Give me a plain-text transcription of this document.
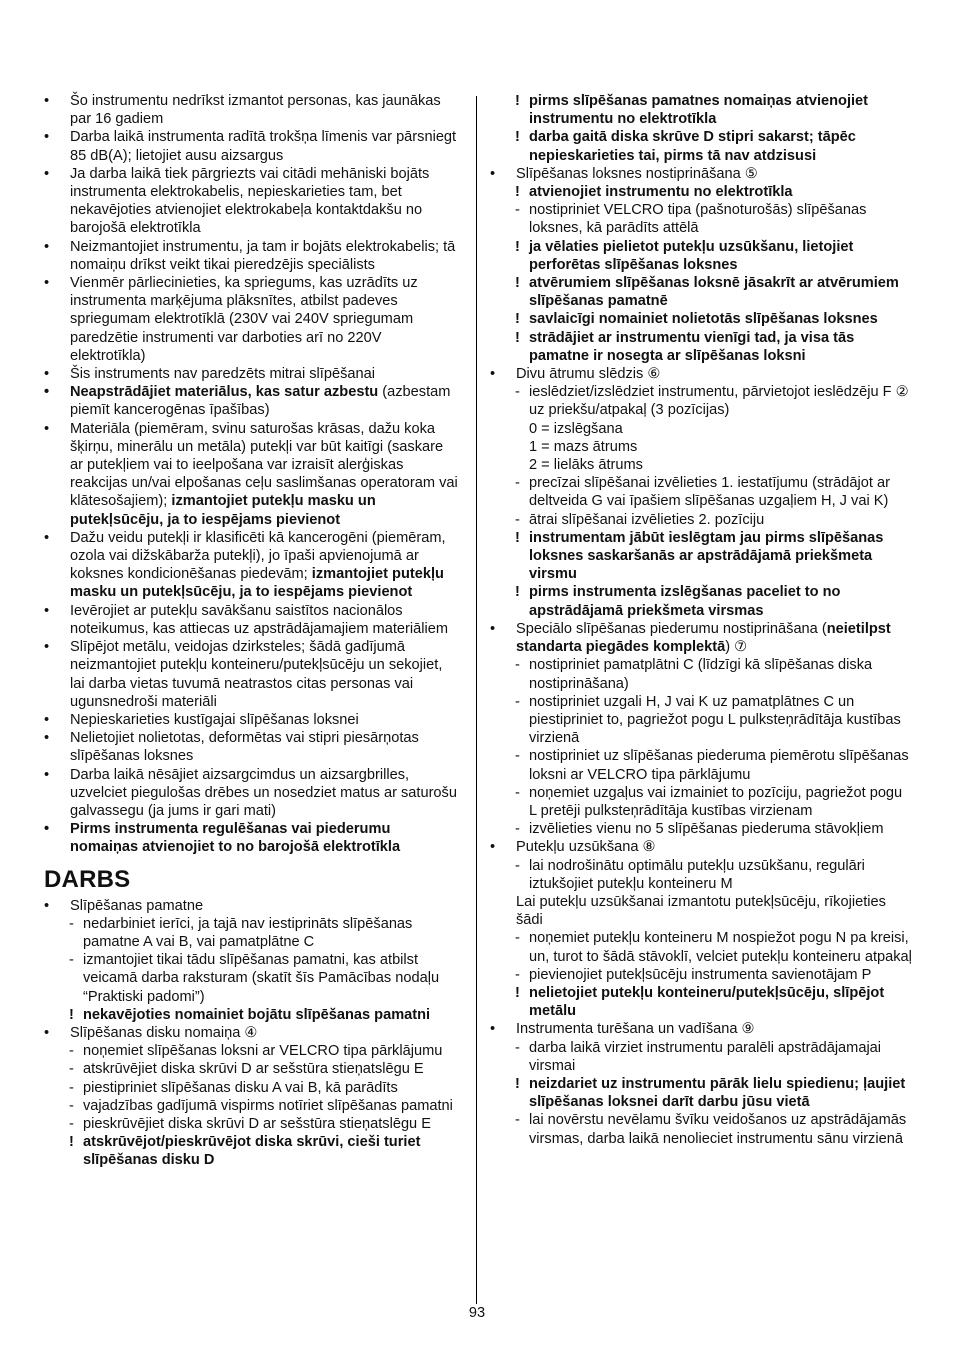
•	Šo instrumentu nedrīkst izmantot personas, kas jaunākas par 16 gadiem
•	Darba laikā instrumenta radītā trokšņa līmenis var pārsniegt 85 dB(A); lietojiet ausu aizsargus
•	Ja darba laikā tiek pārgriezts vai citādi mehāniski bojāts instrumenta elektrokabelis, nepieskarieties tam, bet nekavējoties atvienojiet elektrokabeļa kontaktdakšu no barojošā elektrotīkla
•	Neizmantojiet instrumentu, ja tam ir bojāts elektrokabelis; tā nomaiņu drīkst veikt tikai pieredzējis speciālists
•	Vienmēr pārliecinieties, ka spriegums, kas uzrādīts uz instrumenta marķējuma plāksnītes, atbilst padeves spriegumam elektrotīklā (230V vai 240V spriegumam paredzētie instrumenti var darboties arī no 220V elektrotīkla)
•	Šis instruments nav paredzēts mitrai slīpēšanai
•	Neapstrādājiet materiālus, kas satur azbestu (azbestam piemīt kancerogēnas īpašības)
•	Materiāla (piemēram, svinu saturošas krāsas, dažu koka šķirņu, minerālu un metāla) putekļi var būt kaitīgi (saskare ar putekļiem vai to ieelpošana var izraisīt alerģiskas reakcijas un/vai elpošanas ceļu saslimšanas operatoram vai klātesošajiem); izmantojiet putekļu masku un putekļsūcēju, ja to iespējams pievienot
•	Dažu veidu putekļi ir klasificēti kā kancerogēni (piemēram, ozola vai dižskābarža putekļi), jo īpaši apvienojumā ar koksnes kondicionēšanas piedevām; izmantojiet putekļu masku un putekļsūcēju, ja to iespējams pievienot
•	Ievērojiet ar putekļu savākšanu saistītos nacionālos noteikumus, kas attiecas uz apstrādājamajiem materiāliem
•	Slīpējot metālu, veidojas dzirksteles; šādā gadījumā neizmantojiet putekļu konteineru/putekļsūcēju un sekojiet, lai darba vietas tuvumā neatrastos citas personas vai ugunsnedroši materiāli
•	Nepieskarieties kustīgajai slīpēšanas loksnei
•	Nelietojiet nolietotas, deformētas vai stipri piesārņotas slīpēšanas loksnes
•	Darba laikā nēsājiet aizsargcimdus un aizsargbrilles, uzvelciet piegulošas drēbes un nosedziet matus ar saturošu galvassegu (ja jums ir gari mati)
•	Pirms instrumenta regulēšanas vai piederumu nomaiņas atvienojiet to no barojošā elektrotīkla
DARBS
•	Slīpēšanas pamatne
- nedarbiniet ierīci, ja tajā nav iestiprināts slīpēšanas pamatne A vai B, vai pamatplātne C
- izmantojiet tikai tādu slīpēšanas pamatni, kas atbilst veicamā darba raksturam (skatīt šīs Pamācības nodaļu “Praktiski padomi”)
! nekavējoties nomainiet bojātu slīpēšanas pamatni
•	Slīpēšanas disku nomaiņa ④
- noņemiet slīpēšanas loksni ar VELCRO tipa pārklājumu
- atskrūvējiet diska skrūvi D ar sešstūra stieņatslēgu E
- piestipriniet slīpēšanas disku A vai B, kā parādīts
- vajadzības gadījumā vispirms notīriet slīpēšanas pamatni
- pieskrūvējiet diska skrūvi D ar sešstūra stieņatslēgu E
! atskrūvējot/pieskrūvējot diska skrūvi, cieši turiet slīpēšanas disku D
! pirms slīpēšanas pamatnes nomaiņas atvienojiet instrumentu no elektrotīkla
! darba gaitā diska skrūve D stipri sakarst; tāpēc nepieskarieties tai, pirms tā nav atdzisusi
•	Slīpēšanas loksnes nostiprināšana ⑤
! atvienojiet instrumentu no elektrotīkla
- nostipriniet VELCRO tipa (pašnoturošās) slīpēšanas loksnes, kā parādīts attēlā
! ja vēlaties pielietot putekļu uzsūkšanu, lietojiet perforētas slīpēšanas loksnes
! atvērumiem slīpēšanas loksnē jāsakrīt ar atvērumiem slīpēšanas pamatnē
! savlaicīgi nomainiet nolietotās slīpēšanas loksnes
! strādājiet ar instrumentu vienīgi tad, ja visa tās pamatne ir nosegta ar slīpēšanas loksni
•	Divu ātrumu slēdzis ⑥
- ieslēdziet/izslēdziet instrumentu, pārvietojot ieslēdzēju F ② uz priekšu/atpakaļ (3 pozīcijas)
0 = izslēgšana
1 = mazs ātrums
2 = lielāks ātrums
- precīzai slīpēšanai izvēlieties 1. iestatījumu (strādājot ar deltveida G vai īpašiem slīpēšanas uzgaļiem H, J vai K)
- ātrai slīpēšanai izvēlieties 2. pozīciju
! instrumentam jābūt ieslēgtam jau pirms slīpēšanas loksnes saskaršanās ar apstrādājamā priekšmeta virsmu
! pirms instrumenta izslēgšanas paceliet to no apstrādājamā priekšmeta virsmas
•	Speciālo slīpēšanas piederumu nostiprināšana (neietilpst standarta piegādes komplektā) ⑦
- nostipriniet pamatplātni C (līdzīgi kā slīpēšanas diska nostiprināšana)
- nostipriniet uzgali H, J vai K uz pamatplātnes C un piestipriniet to, pagriežot pogu L pulksteņrādītāja kustības virzienā
- nostipriniet uz slīpēšanas piederuma piemērotu slīpēšanas loksni ar VELCRO tipa pārklājumu
- noņemiet uzgaļus vai izmainiet to pozīciju, pagriežot pogu L pretēji pulksteņrādītāja kustības virzienam
- izvēlieties vienu no 5 slīpēšanas piederuma stāvokļiem
•	Putekļu uzsūkšana ⑧
- lai nodrošinātu optimālu putekļu uzsūkšanu, regulāri iztukšojiet putekļu konteineru M
Lai putekļu uzsūkšanai izmantotu putekļsūcēju, rīkojieties šādi
- noņemiet putekļu konteineru M nospiežot pogu N pa kreisi, un, turot to šādā stāvoklī, velciet putekļu konteineru atpakaļ
- pievienojiet putekļsūcēju instrumenta savienotājam P
! nelietojiet putekļu konteineru/putekļsūcēju, slīpējot metālu
•	Instrumenta turēšana un vadīšana ⑨
- darba laikā virziet instrumentu paralēli apstrādājamajai virsmai
! neizdariet uz instrumentu pārāk lielu spiedienu; ļaujiet slīpēšanas loksnei darīt darbu jūsu vietā
- lai novērstu nevēlamu švīku veidošanos uz apstrādājamās virsmas, darba laikā nenolieciet instrumentu sānu virzienā
93
